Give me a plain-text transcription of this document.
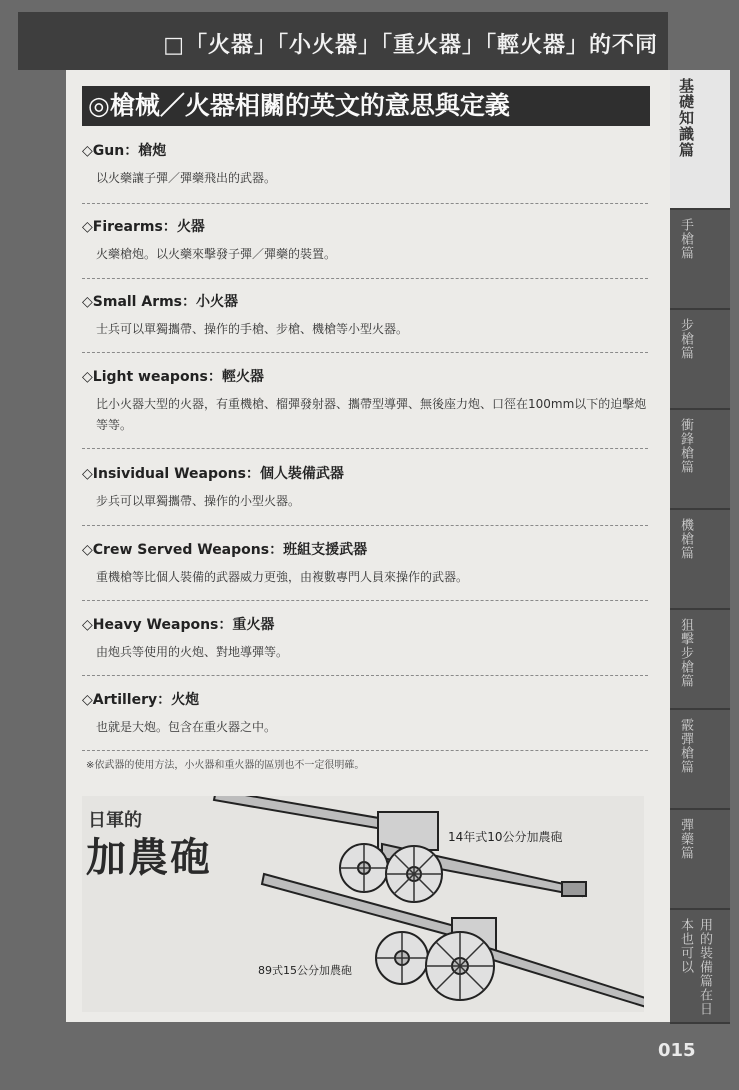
□「火器」「小火器」「重火器」「輕火器」的不同
◎槍械／火器相關的英文的意思與定義
◇Gun：槍炮
以火藥讓子彈／彈藥飛出的武器。
◇Firearms：火器
火藥槍炮。以火藥來擊發子彈／彈藥的裝置。
◇Small Arms：小火器
士兵可以單獨攜帶、操作的手槍、步槍、機槍等小型火器。
◇Light weapons：輕火器
比小火器大型的火器，有重機槍、榴彈發射器、攜帶型導彈、無後座力炮、口徑在100mm以下的迫擊炮等等。
◇Insividual Weapons：個人裝備武器
步兵可以單獨攜帶、操作的小型火器。
◇Crew Served Weapons：班組支援武器
重機槍等比個人裝備的武器威力更強，由複數專門人員來操作的武器。
◇Heavy Weapons：重火器
由炮兵等使用的火炮、對地導彈等。
◇Artillery：火炮
也就是大炮。包含在重火器之中。
※依武器的使用方法，小火器和重火器的區別也不一定很明確。
日軍的
加農砲	14年式10公分加農砲
89式15公分加農砲
基礎知識篇
手槍篇
步槍篇
衝鋒槍篇
機槍篇
狙擊步槍篇
霰彈槍篇
彈藥篇
用的裝備篇在日本也可以
015
